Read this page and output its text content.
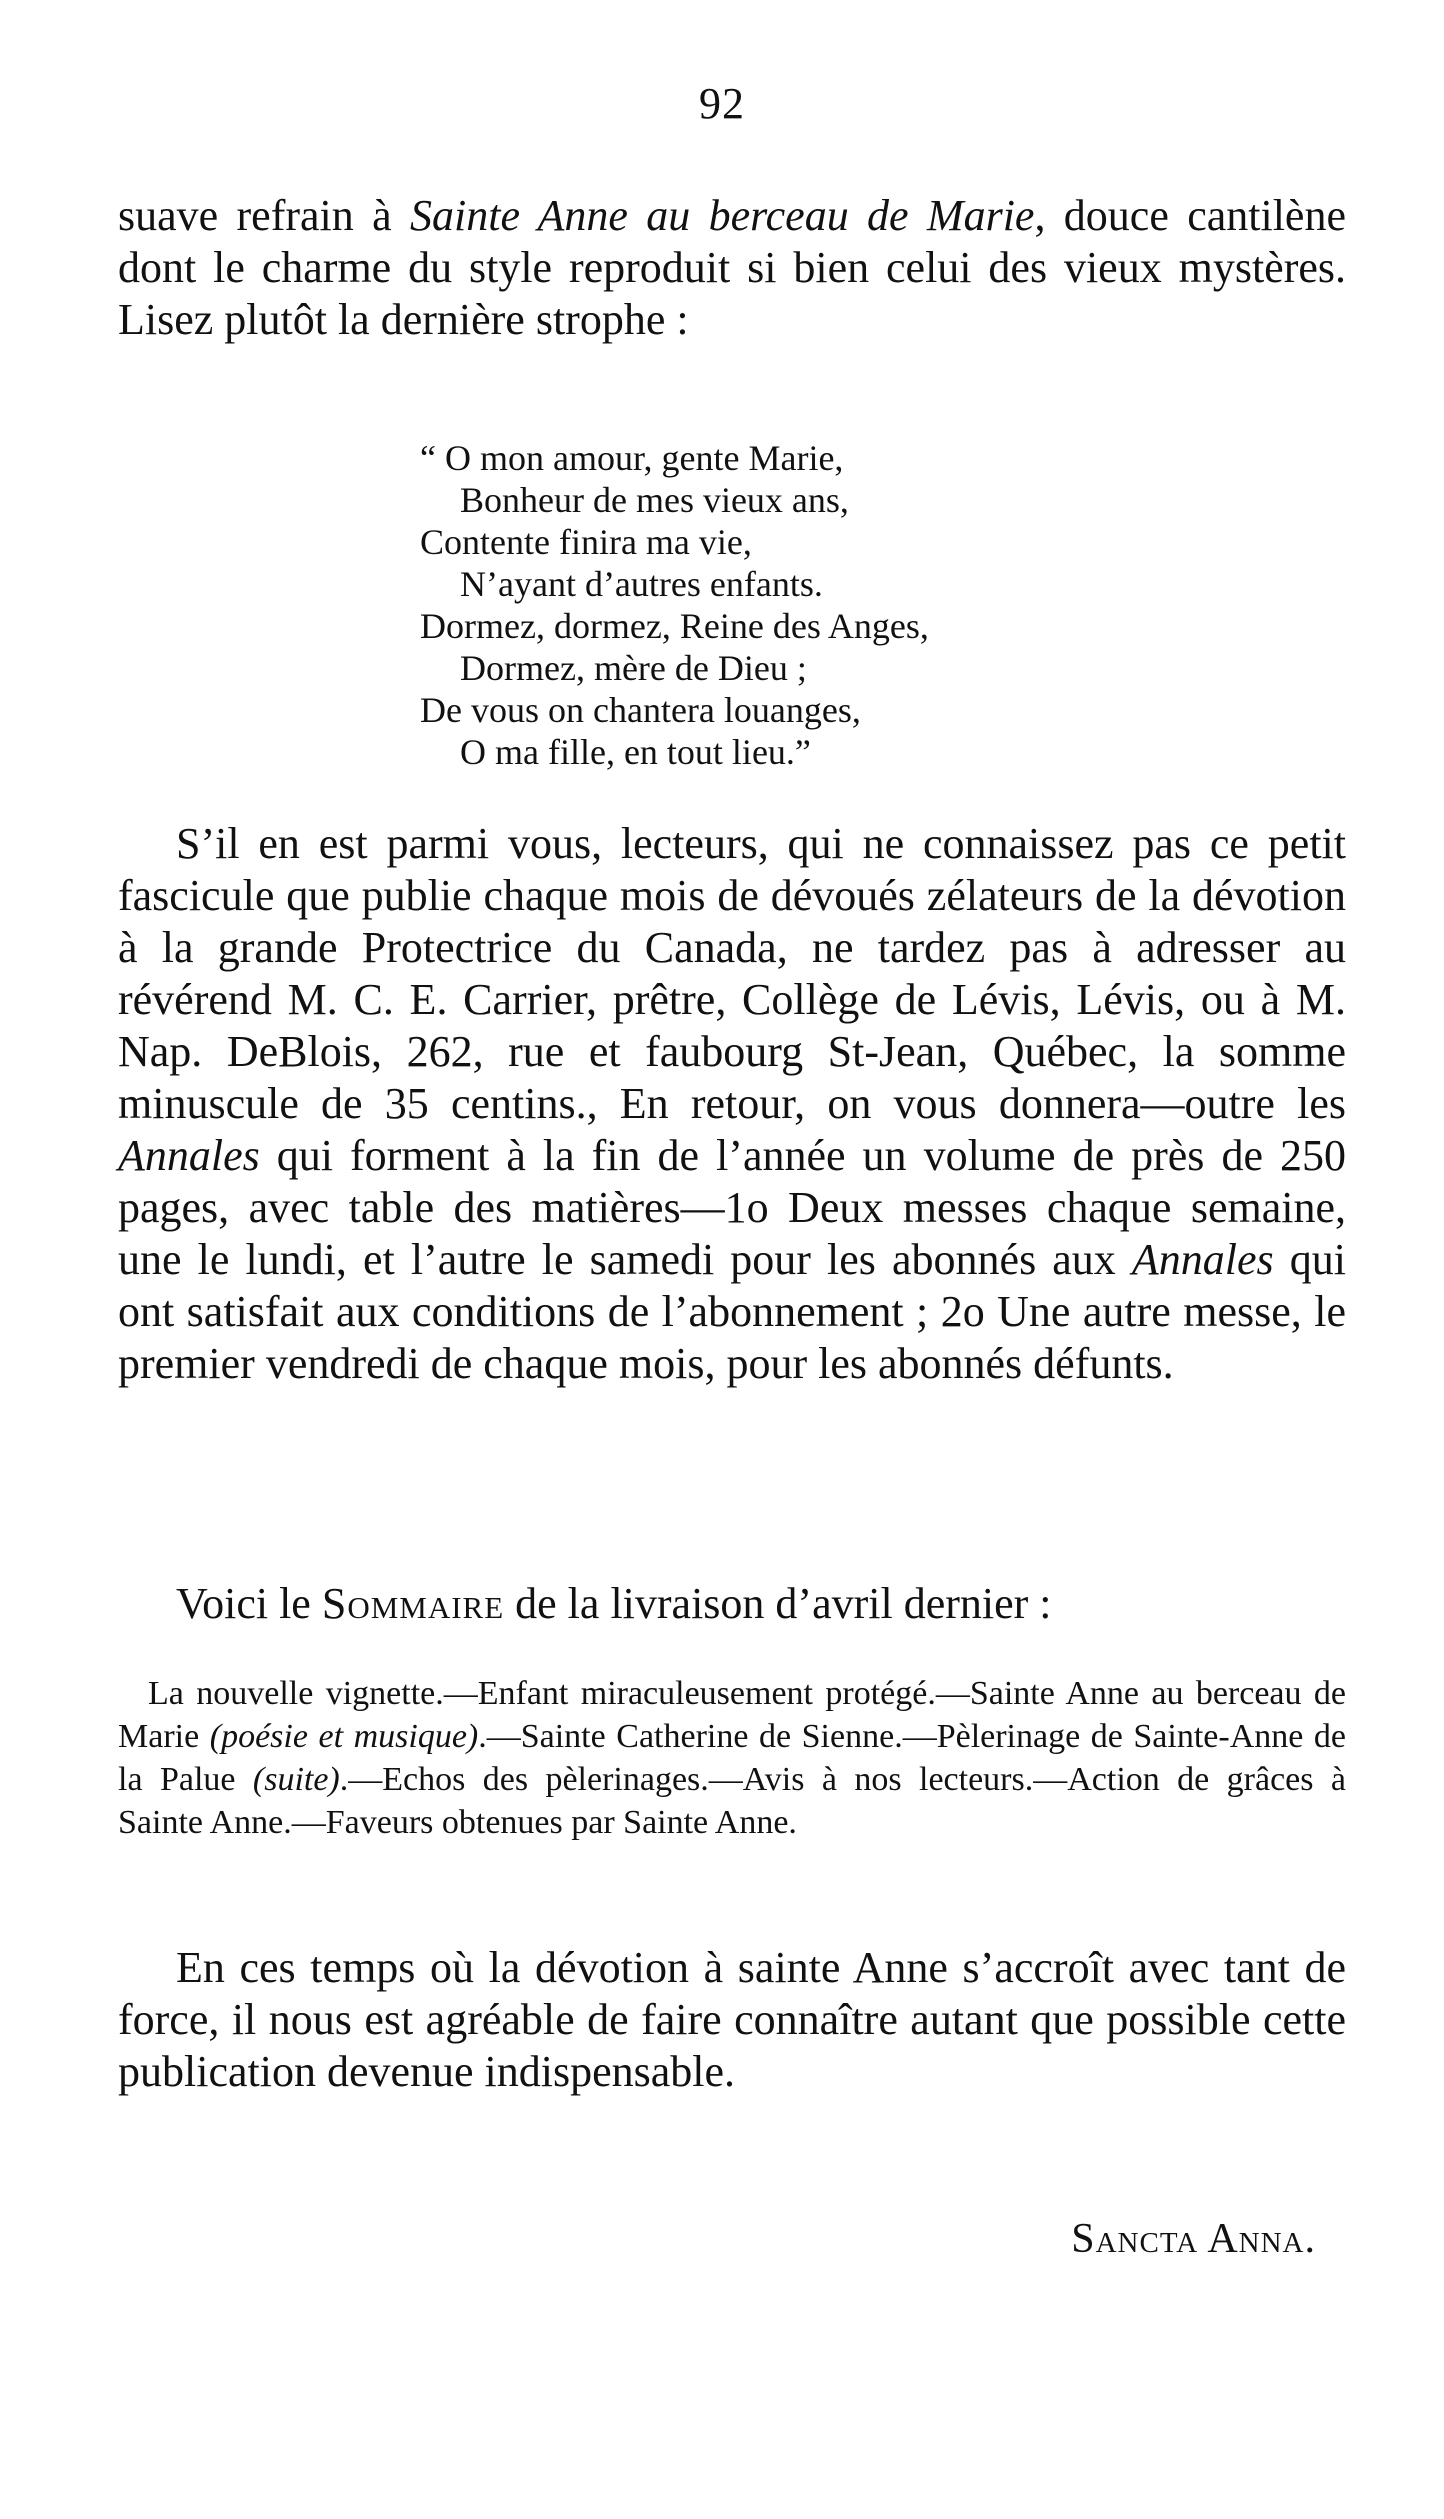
92

suave refrain à Sainte Anne au berceau de Marie, douce cantilène dont le charme du style reproduit si bien celui des vieux mystères. Lisez plutôt la dernière strophe :

“ O mon amour, gente Marie,
Bonheur de mes vieux ans,
Contente finira ma vie,
N’ayant d’autres enfants.
Dormez, dormez, Reine des Anges,
Dormez, mère de Dieu ;
De vous on chantera louanges,
O ma fille, en tout lieu.”

S’il en est parmi vous, lecteurs, qui ne connaissez pas ce petit fascicule que publie chaque mois de dévoués zélateurs de la dévotion à la grande Protectrice du Canada, ne tardez pas à adresser au révérend M. C. E. Carrier, prêtre, Collège de Lévis, Lévis, ou à M. Nap. DeBlois, 262, rue et faubourg St-Jean, Québec, la somme minuscule de 35 centins., En retour, on vous donnera—outre les Annales qui forment à la fin de l’année un volume de près de 250 pages, avec table des matières—1o Deux messes chaque semaine, une le lundi, et l’autre le samedi pour les abonnés aux Annales qui ont satisfait aux conditions de l’abonnement ; 2o Une autre messe, le premier vendredi de chaque mois, pour les abonnés défunts.

Voici le Sommaire de la livraison d’avril dernier :

La nouvelle vignette.—Enfant miraculeusement protégé.—Sainte Anne au berceau de Marie (poésie et musique).—Sainte Catherine de Sienne.—Pèlerinage de Sainte-Anne de la Palue (suite).—Echos des pèlerinages.—Avis à nos lecteurs.—Action de grâces à Sainte Anne.—Faveurs obtenues par Sainte Anne.

En ces temps où la dévotion à sainte Anne s’accroît avec tant de force, il nous est agréable de faire connaître autant que possible cette publication devenue indispensable.

Sancta Anna.
